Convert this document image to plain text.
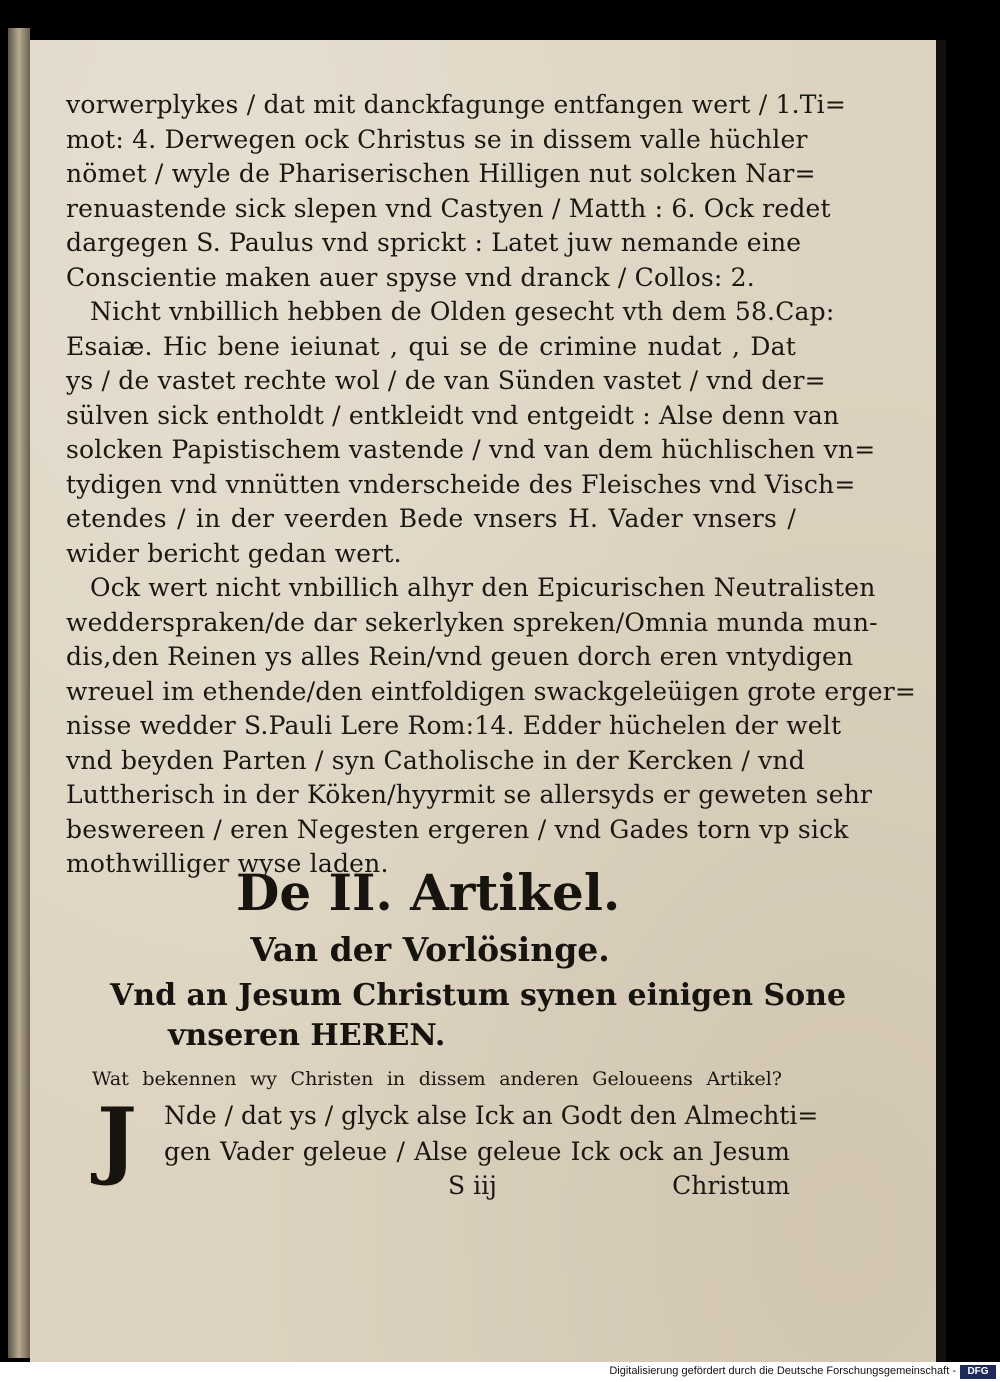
vorwerplykes / dat mit danckfagunge entfangen wert / 1.Ti=
mot: 4. Derwegen ock Christus se in dissem valle hüchler
nömet / wyle de Phariserischen Hilligen nut solcken Nar=
renuastende sick slepen vnd Castyen / Matth : 6. Ock redet
dargegen S. Paulus vnd sprickt : Latet juw nemande eine
Conscientie maken auer spyse vnd dranck / Collos: 2.
Nicht vnbillich hebben de Olden gesecht vth dem 58.Cap:
Esaiæ. Hic bene ieiunat , qui se de crimine nudat , Dat
ys / de vastet rechte wol / de van Sünden vastet / vnd der=
sülven sick entholdt / entkleidt vnd entgeidt : Alse denn van
solcken Papistischem vastende / vnd van dem hüchlischen vn=
tydigen vnd vnnütten vnderscheide des Fleisches vnd Visch=
etendes / in der veerden Bede vnsers H. Vader vnsers /
wider bericht gedan wert.
Ock wert nicht vnbillich alhyr den Epicurischen Neutralisten
wedderspraken/de dar sekerlyken spreken/Omnia munda mun-
dis,den Reinen ys alles Rein/vnd geuen dorch eren vntydigen
wreuel im ethende/den eintfoldigen swackgeleüigen grote erger=
nisse wedder S.Pauli Lere Rom:14. Edder hüchelen der welt
vnd beyden Parten / syn Catholische in der Kercken / vnd
Luttherisch in der Köken/hyyrmit se allersyds er geweten sehr
beswereen / eren Negesten ergeren / vnd Gades torn vp sick
mothwilliger wyse laden.
De II. Artikel.
Van der Vorlösinge.
Vnd an Jesum Christum synen einigen Sone
vnseren HEREN.
Wat bekennen wy Christen in dissem anderen Geloueens Artikel?
J	Nde / dat ys / glyck alse Ick an Godt den Almechti=
gen Vader geleue / Alse geleue Ick ock an Jesum
S iij	Christum
Digitalisierung gefördert durch die Deutsche Forschungsgemeinschaft -	DFG
